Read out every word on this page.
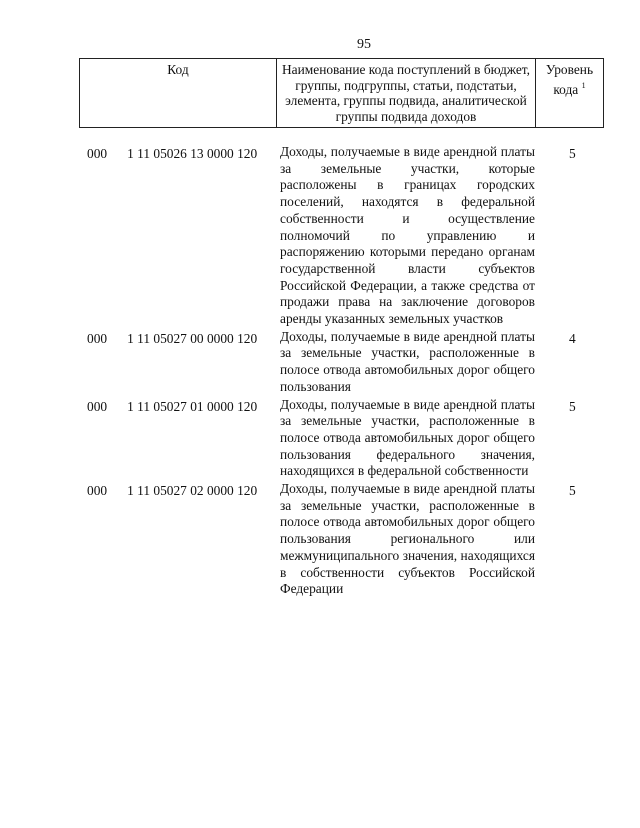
95
Код	Наименование кода поступлений в бюджет, группы, подгруппы, статьи, подстатьи, элемента, группы подвида, аналитической группы подвида доходов
Уровень кода $^1$
000 1 11 05026 13 0000 120 Доходы, получаемые в виде арендной платы за земельные участки, которые расположены в границах городских поселений, находятся в федеральной собственности и осуществление полномочий по управлению и распоряжению которыми передано органам государственной власти субъектов Российской Федерации, а также средства от продажи права на заключение договоров аренды указанных земельных участков
5
000 1 11 05027 00 0000 120 Доходы, получаемые в виде арендной платы за земельные участки, расположенные в полосе отвода автомобильных дорог общего пользования
4
000 1 11 05027 01 0000 120 Доходы, получаемые в виде арендной платы за земельные участки, расположенные в полосе отвода автомобильных дорог общего пользования федерального значения, находящихся в федеральной собственности
5
000 1 11 05027 02 0000 120 Доходы, получаемые в виде арендной платы за земельные участки, расположенные в полосе отвода автомобильных дорог общего пользования регионального или межмуниципального значения, находящихся в собственности субъектов Российской Федерации
5
